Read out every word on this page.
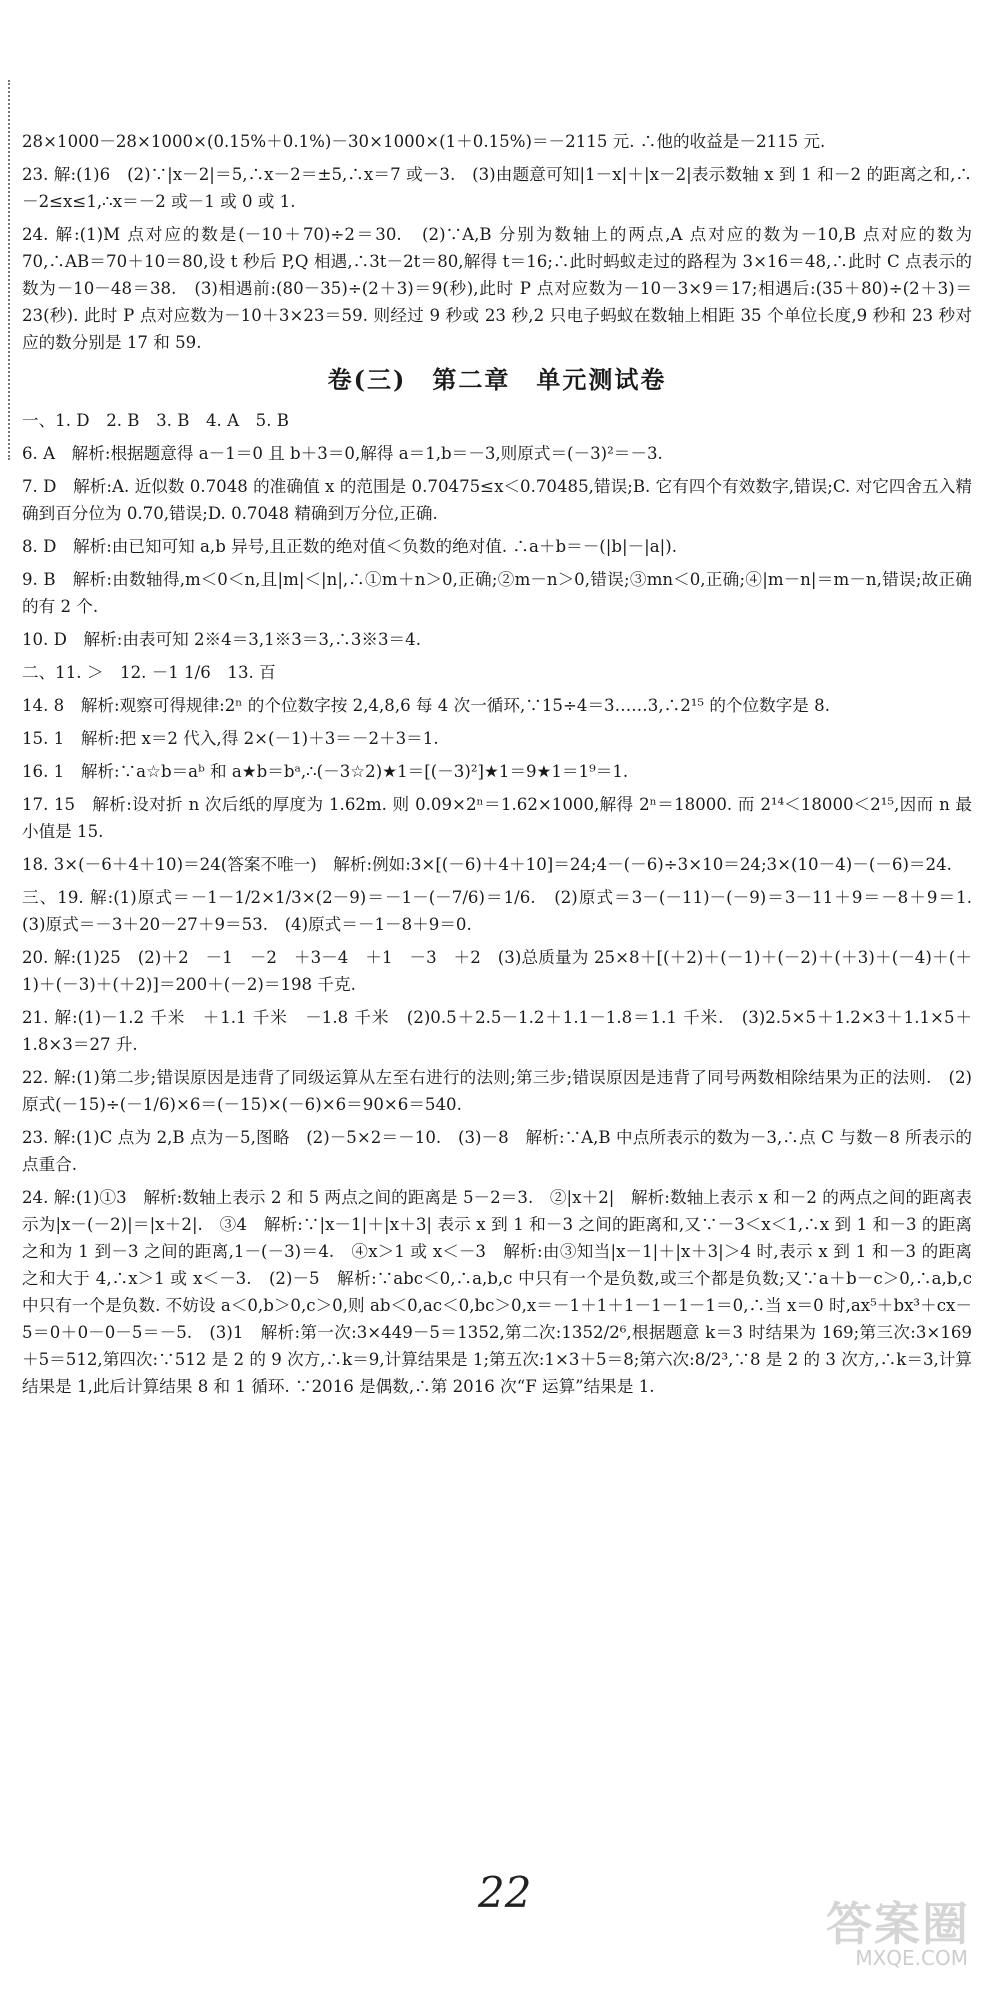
28×1000－28×1000×(0.15%＋0.1%)－30×1000×(1＋0.15%)＝－2115 元. ∴他的收益是－2115 元.

23. 解:(1)6　(2)∵|x－2|＝5,∴x－2＝±5,∴x＝7 或－3.　(3)由题意可知|1－x|＋|x－2|表示数轴 x 到 1 和－2 的距离之和,∴－2≤x≤1,∴x＝－2 或－1 或 0 或 1.

24. 解:(1)M 点对应的数是(－10＋70)÷2＝30.　(2)∵A,B 分别为数轴上的两点,A 点对应的数为－10,B 点对应的数为 70,∴AB＝70＋10＝80,设 t 秒后 P,Q 相遇,∴3t－2t＝80,解得 t＝16;∴此时蚂蚁走过的路程为 3×16＝48,∴此时 C 点表示的数为－10－48＝38.　(3)相遇前:(80－35)÷(2＋3)＝9(秒),此时 P 点对应数为－10－3×9＝17;相遇后:(35＋80)÷(2＋3)＝23(秒). 此时 P 点对应数为－10＋3×23＝59. 则经过 9 秒或 23 秒,2 只电子蚂蚁在数轴上相距 35 个单位长度,9 秒和 23 秒对应的数分别是 17 和 59.

卷(三)　第二章　单元测试卷

一、1. D　2. B　3. B　4. A　5. B

6. A　解析:根据题意得 a－1＝0 且 b＋3＝0,解得 a＝1,b＝－3,则原式＝(－3)²＝－3.

7. D　解析:A. 近似数 0.7048 的准确值 x 的范围是 0.70475≤x＜0.70485,错误;B. 它有四个有效数字,错误;C. 对它四舍五入精确到百分位为 0.70,错误;D. 0.7048 精确到万分位,正确.

8. D　解析:由已知可知 a,b 异号,且正数的绝对值＜负数的绝对值. ∴a＋b＝－(|b|－|a|).

9. B　解析:由数轴得,m＜0＜n,且|m|＜|n|,∴①m＋n＞0,正确;②m－n＞0,错误;③mn＜0,正确;④|m－n|＝m－n,错误;故正确的有 2 个.

10. D　解析:由表可知 2※4＝3,1※3＝3,∴3※3＝4.

二、11. ＞　12. －1 1/6　13. 百

14. 8　解析:观察可得规律:2ⁿ 的个位数字按 2,4,8,6 每 4 次一循环,∵15÷4＝3……3,∴2¹⁵ 的个位数字是 8.

15. 1　解析:把 x＝2 代入,得 2×(－1)＋3＝－2＋3＝1.

16. 1　解析:∵a☆b＝aᵇ 和 a★b＝bᵃ,∴(－3☆2)★1＝[(－3)²]★1＝9★1＝1⁹＝1.

17. 15　解析:设对折 n 次后纸的厚度为 1.62m. 则 0.09×2ⁿ＝1.62×1000,解得 2ⁿ＝18000. 而 2¹⁴＜18000＜2¹⁵,因而 n 最小值是 15.

18. 3×(－6＋4＋10)＝24(答案不唯一)　解析:例如:3×[(－6)＋4＋10]＝24;4－(－6)÷3×10＝24;3×(10－4)－(－6)＝24.

三、19. 解:(1)原式＝－1－1/2×1/3×(2－9)＝－1－(－7/6)＝1/6.　(2)原式＝3－(－11)－(－9)＝3－11＋9＝－8＋9＝1.　(3)原式＝－3＋20－27＋9＝53.　(4)原式＝－1－8＋9＝0.

20. 解:(1)25　(2)＋2　－1　－2　＋3－4　＋1　－3　＋2　(3)总质量为 25×8＋[(＋2)＋(－1)＋(－2)＋(＋3)＋(－4)＋(＋1)＋(－3)＋(＋2)]＝200＋(－2)＝198 千克.

21. 解:(1)－1.2 千米　＋1.1 千米　－1.8 千米　(2)0.5＋2.5－1.2＋1.1－1.8＝1.1 千米.　(3)2.5×5＋1.2×3＋1.1×5＋1.8×3＝27 升.

22. 解:(1)第二步;错误原因是违背了同级运算从左至右进行的法则;第三步;错误原因是违背了同号两数相除结果为正的法则.　(2)原式(－15)÷(－1/6)×6＝(－15)×(－6)×6＝90×6＝540.

23. 解:(1)C 点为 2,B 点为－5,图略　(2)－5×2＝－10.　(3)－8　解析:∵A,B 中点所表示的数为－3,∴点 C 与数－8 所表示的点重合.

24. 解:(1)①3　解析:数轴上表示 2 和 5 两点之间的距离是 5－2＝3.　②|x＋2|　解析:数轴上表示 x 和－2 的两点之间的距离表示为|x－(－2)|＝|x＋2|.　③4　解析:∵|x－1|＋|x＋3| 表示 x 到 1 和－3 之间的距离和,又∵－3＜x＜1,∴x 到 1 和－3 的距离之和为 1 到－3 之间的距离,1－(－3)＝4.　④x＞1 或 x＜－3　解析:由③知当|x－1|＋|x＋3|＞4 时,表示 x 到 1 和－3 的距离之和大于 4,∴x＞1 或 x＜－3.　(2)－5　解析:∵abc＜0,∴a,b,c 中只有一个是负数,或三个都是负数;又∵a＋b－c＞0,∴a,b,c 中只有一个是负数. 不妨设 a＜0,b＞0,c＞0,则 ab＜0,ac＜0,bc＞0,x＝－1＋1＋1－1－1－1＝0,∴当 x＝0 时,ax⁵＋bx³＋cx－5＝0＋0－0－5＝－5.　(3)1　解析:第一次:3×449－5＝1352,第二次:1352/2⁶,根据题意 k＝3 时结果为 169;第三次:3×169＋5＝512,第四次:∵512 是 2 的 9 次方,∴k＝9,计算结果是 1;第五次:1×3＋5＝8;第六次:8/2³,∵8 是 2 的 3 次方,∴k＝3,计算结果是 1,此后计算结果 8 和 1 循环. ∵2016 是偶数,∴第 2016 次“F 运算”结果是 1.

22
答案圈
MXQE.COM
